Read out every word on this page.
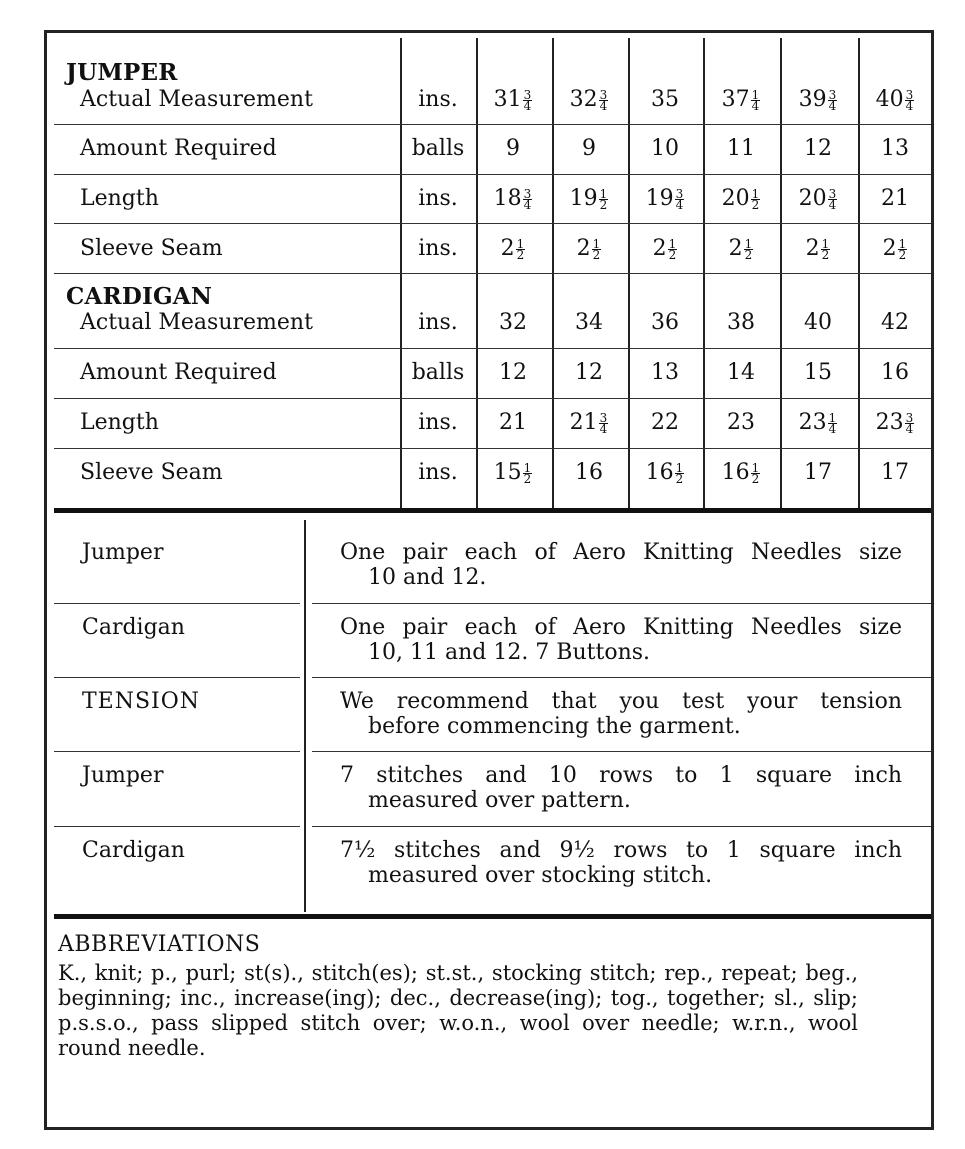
ABBREVIATIONS
K., knit; p., purl; st(s)., stitch(es); st.st., stocking stitch; rep., repeat; beg., beginning; inc., increase(ing); dec., decrease(ing); tog., together; sl., slip; p.s.s.o., pass slipped stitch over; w.o.n., wool over needle; w.r.n., wool round needle.
JUMPER
Actual Measurement	ins.	$31 \frac{3}{4}$	$32 \frac{3}{4}$	35	$37 \frac{1}{4}$	$39 \frac{3}{4}$	$40 \frac{3}{4}$
Amount Required	balls	9	9	10	11	12	13
Length	ins.	$18 \frac{3}{4}$	$19 \frac{1}{2}$	$19 \frac{3}{4}$	$20 \frac{1}{2}$	$20 \frac{3}{4}$	21
Sleeve Seam	ins.	$2 \frac{1}{2}$	$2 \frac{1}{2}$	$2 \frac{1}{2}$	$2 \frac{1}{2}$	$2 \frac{1}{2}$	$2 \frac{1}{2}$
CARDIGAN
Actual Measurement	ins.	32	34	36	38	40	42
Amount Required	balls	12	12	13	14	15	16
Length	ins.	21	$21 \frac{3}{4}$	22	23	$23 \frac{1}{4}$	$23 \frac{3}{4}$
Sleeve Seam	ins.	$15 \frac{1}{2}$	16	$16 \frac{1}{2}$	$16 \frac{1}{2}$	17	17
Jumper	One pair each of Aero Knitting Needles size
10 and 12.
Cardigan	One pair each of Aero Knitting Needles size
10, 11 and 12. 7 Buttons.
TENSION	We recommend that you test your tension
before commencing the garment.
Jumper	7 stitches and 10 rows to 1 square inch
measured over pattern.
Cardigan	7½ stitches and 9½ rows to 1 square inch
measured over stocking stitch.
